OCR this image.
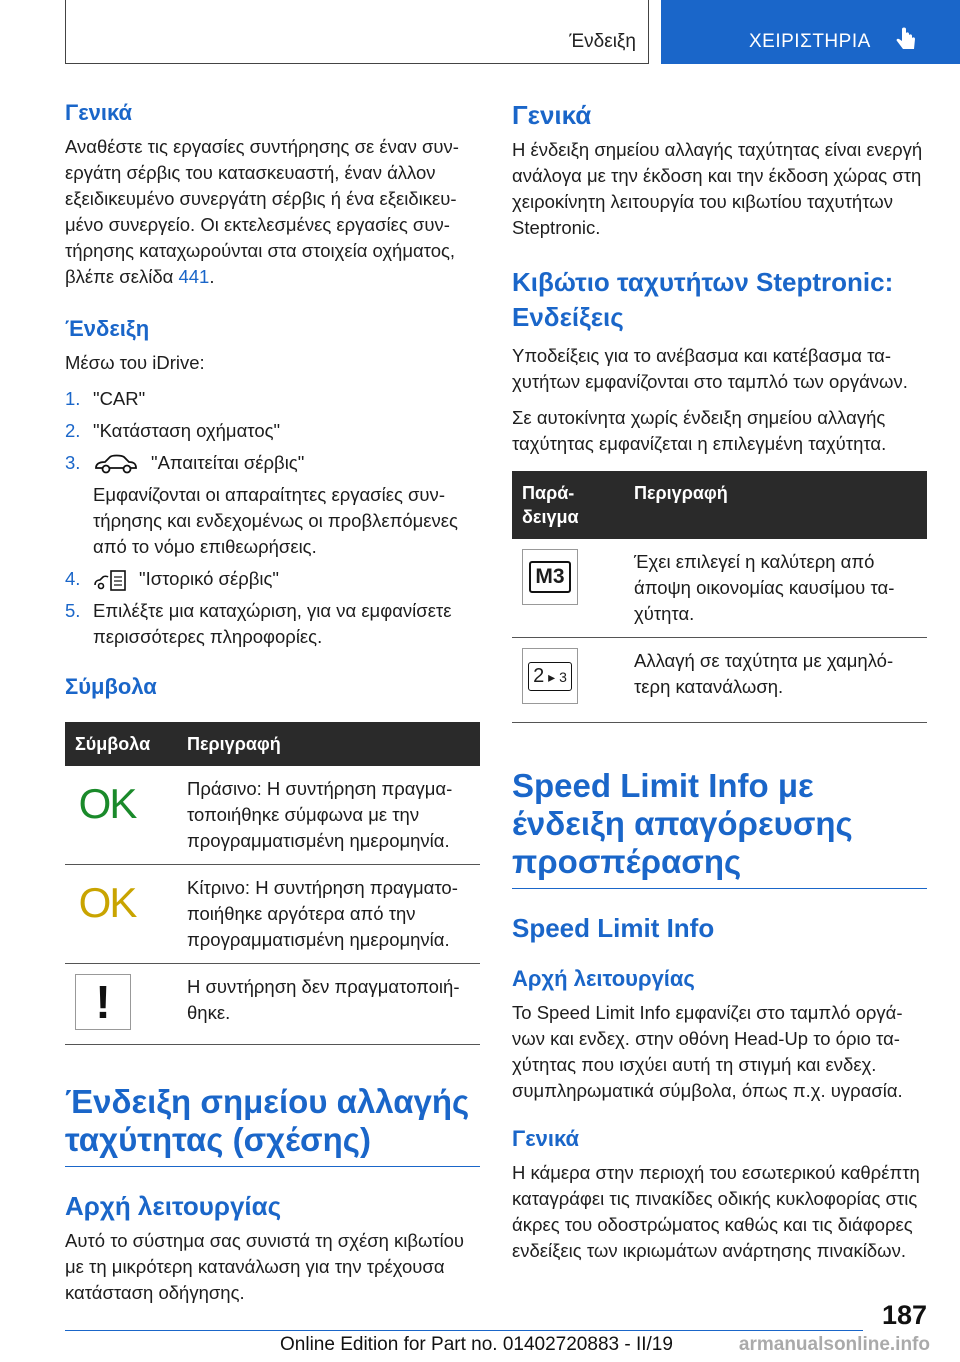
Ένδειξη	ΧΕΙΡΙΣΤΗΡΙΑ
Γενικά

Αναθέστε τις εργασίες συντήρησης σε έναν συνεργάτη σέρβις του κατασκευαστή, έναν άλλον εξειδικευμένο συνεργάτη σέρβις ή ένα εξειδικευμένο συνεργείο. Οι εκτελεσμένες εργασίες συντήρησης καταχωρούνται στα στοιχεία οχήματος, βλέπε σελίδα 441.

Ένδειξη

Μέσω του iDrive:

1. "CAR"
2. "Κατάσταση οχήματος"
3.	"Απαιτείται σέρβις"
Εμφανίζονται οι απαραίτητες εργασίες συντήρησης και ενδεχομένως οι προβλεπόμενες από το νόμο επιθεωρήσεις.
4.	"Ιστορικό σέρβις"
5. Επιλέξτε μια καταχώριση, για να εμφανίσετε περισσότερες πληροφορίες.
Σύμβολα
Σύμβολα	Περιγραφή

OK	Πράσινο: Η συντήρηση πραγματοποιήθηκε σύμφωνα με την προγραμματισμένη ημερομηνία.

OK	Κίτρινο: Η συντήρηση πραγματοποιήθηκε αργότερα από την προγραμματισμένη ημερομηνία.

!	Η συντήρηση δεν πραγματοποιήθηκε.
Ένδειξη σημείου αλλαγής ταχύτητας (σχέσης)
Αρχή λειτουργίας

Αυτό το σύστημα σας συνιστά τη σχέση κιβωτίου με τη μικρότερη κατανάλωση για την τρέχουσα κατάσταση οδήγησης.

Γενικά

Η ένδειξη σημείου αλλαγής ταχύτητας είναι ενεργή ανάλογα με την έκδοση και την έκδοση χώρας στη χειροκίνητη λειτουργία του κιβωτίου ταχυτήτων Steptronic.

Κιβώτιο ταχυτήτων Steptronic: Ενδείξεις

Υποδείξεις για το ανέβασμα και κατέβασμα ταχυτήτων εμφανίζονται στο ταμπλό των οργάνων.

Σε αυτοκίνητα χωρίς ένδειξη σημείου αλλαγής ταχύτητας εμφανίζεται η επιλεγμένη ταχύτητα.

Παράδειγμα	Περιγραφή

M3	Έχει επιλεγεί η καλύτερη από άποψη οικονομίας καυσίμου ταχύτητα.

2 ▸ 3	Αλλαγή σε ταχύτητα με χαμηλότερη κατανάλωση.
Speed Limit Info με ένδειξη απαγόρευσης προσπέρασης
Speed Limit Info
Αρχή λειτουργίας

Το Speed Limit Info εμφανίζει στο ταμπλό οργάνων και ενδεχ. στην οθόνη Head-Up το όριο ταχύτητας που ισχύει αυτή τη στιγμή και ενδεχ. συμπληρωματικά σύμβολα, όπως π.χ. υγρασία.

Γενικά

Η κάμερα στην περιοχή του εσωτερικού καθρέπτη καταγράφει τις πινακίδες οδικής κυκλοφορίας στις άκρες του οδοστρώματος καθώς και τις διάφορες ενδείξεις των ικριωμάτων ανάρτησης πινακίδων.

187
Online Edition for Part no. 01402720883 - II/19	armanualsonline.info
